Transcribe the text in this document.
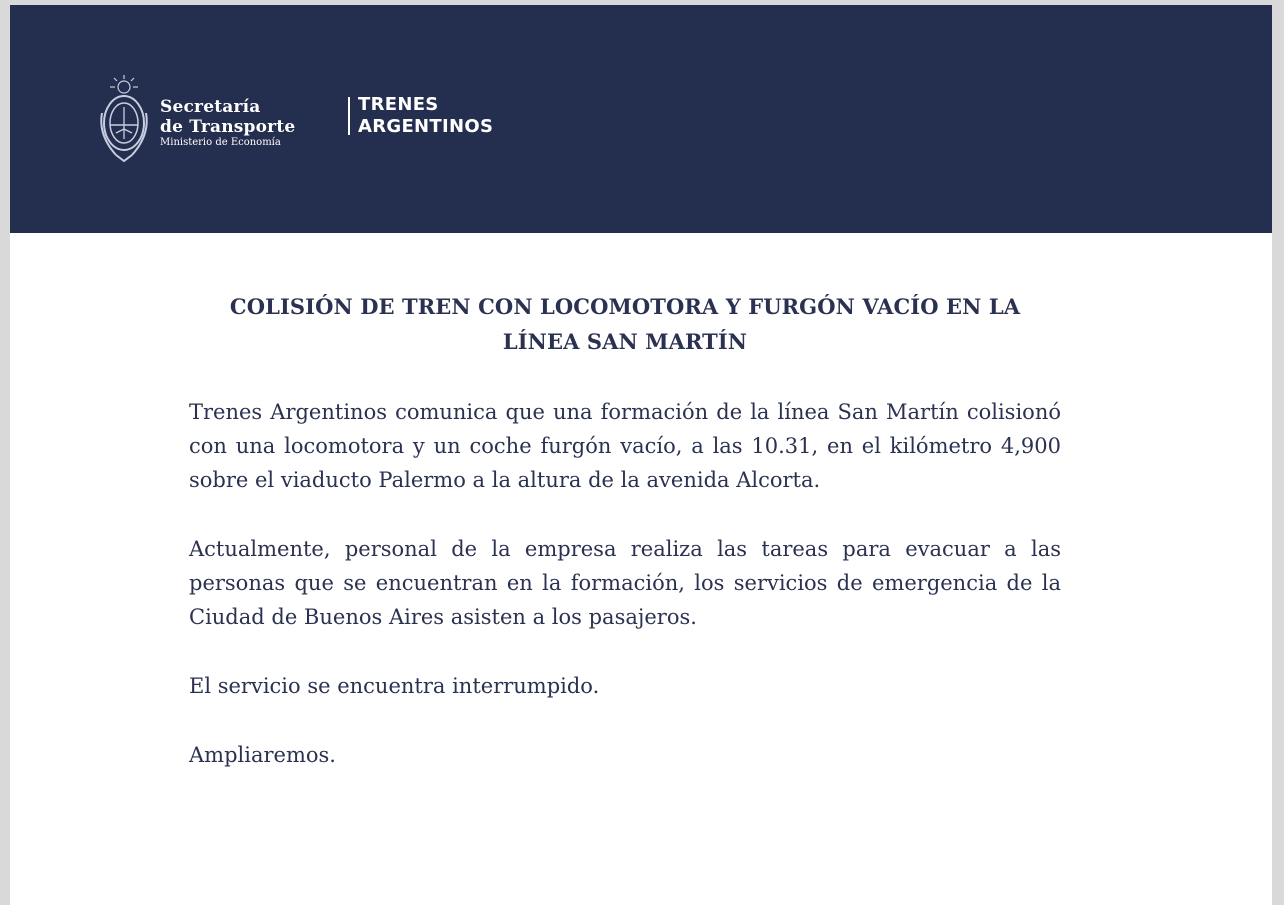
Secretaría
de Transporte
Ministerio de Economía
TRENES
ARGENTINOS
COLISIÓN DE TREN CON LOCOMOTORA Y FURGÓN VACÍO EN LA LÍNEA SAN MARTÍN

Trenes Argentinos comunica que una formación de la línea San Martín colisionó con una locomotora y un coche furgón vacío, a las 10.31, en el kilómetro 4,900 sobre el viaducto Palermo a la altura de la avenida Alcorta.

Actualmente, personal de la empresa realiza las tareas para evacuar a las personas que se encuentran en la formación, los servicios de emergencia de la Ciudad de Buenos Aires asisten a los pasajeros.

El servicio se encuentra interrumpido.

Ampliaremos.
